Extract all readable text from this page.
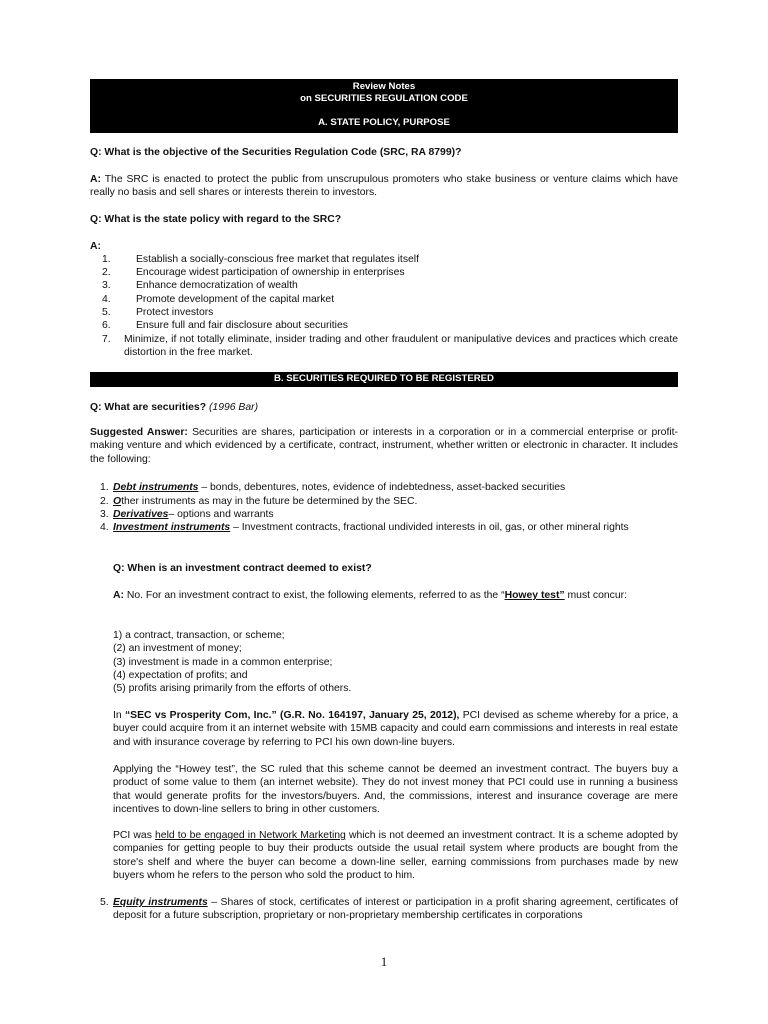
Review Notes
on SECURITIES REGULATION CODE
A. STATE POLICY, PURPOSE
Q: What is the objective of the Securities Regulation Code (SRC, RA 8799)?
A: The SRC is enacted to protect the public from unscrupulous promoters who stake business or venture claims which have really no basis and sell shares or interests therein to investors.
Q: What is the state policy with regard to the SRC?
A:
1.	Establish a socially-conscious free market that regulates itself
2.	Encourage widest participation of ownership in enterprises
3.	Enhance democratization of wealth
4.	Promote development of the capital market
5.	Protect investors
6.	Ensure full and fair disclosure about securities
7.	Minimize, if not totally eliminate, insider trading and other fraudulent or manipulative devices and practices which create distortion in the free market.
B. SECURITIES REQUIRED TO BE REGISTERED
Q: What are securities? (1996 Bar)
Suggested Answer: Securities are shares, participation or interests in a corporation or in a commercial enterprise or profit-making venture and which evidenced by a certificate, contract, instrument, whether written or electronic in character. It includes the following:
1. Debt instruments – bonds, debentures, notes, evidence of indebtedness, asset-backed securities
2. Other instruments as may in the future be determined by the SEC.
3. Derivatives– options and warrants
4. Investment instruments – Investment contracts, fractional undivided interests in oil, gas, or other mineral rights
Q: When is an investment contract deemed to exist?
A: No. For an investment contract to exist, the following elements, referred to as the “Howey test” must concur:
1) a contract, transaction, or scheme;
(2) an investment of money;
(3) investment is made in a common enterprise;
(4) expectation of profits; and
(5) profits arising primarily from the efforts of others.
In “SEC vs Prosperity Com, Inc.” (G.R. No. 164197, January 25, 2012), PCI devised as scheme whereby for a price, a buyer could acquire from it an internet website with 15MB capacity and could earn commissions and interests in real estate and with insurance coverage by referring to PCI his own down-line buyers.
Applying the “Howey test”, the SC ruled that this scheme cannot be deemed an investment contract. The buyers buy a product of some value to them (an internet website). They do not invest money that PCI could use in running a business that would generate profits for the investors/buyers. And, the commissions, interest and insurance coverage are mere incentives to down-line sellers to bring in other customers.
PCI was held to be engaged in Network Marketing which is not deemed an investment contract. It is a scheme adopted by companies for getting people to buy their products outside the usual retail system where products are bought from the store's shelf and where the buyer can become a down-line seller, earning commissions from purchases made by new buyers whom he refers to the person who sold the product to him.
5. Equity instruments – Shares of stock, certificates of interest or participation in a profit sharing agreement, certificates of deposit for a future subscription, proprietary or non-proprietary membership certificates in corporations
1
